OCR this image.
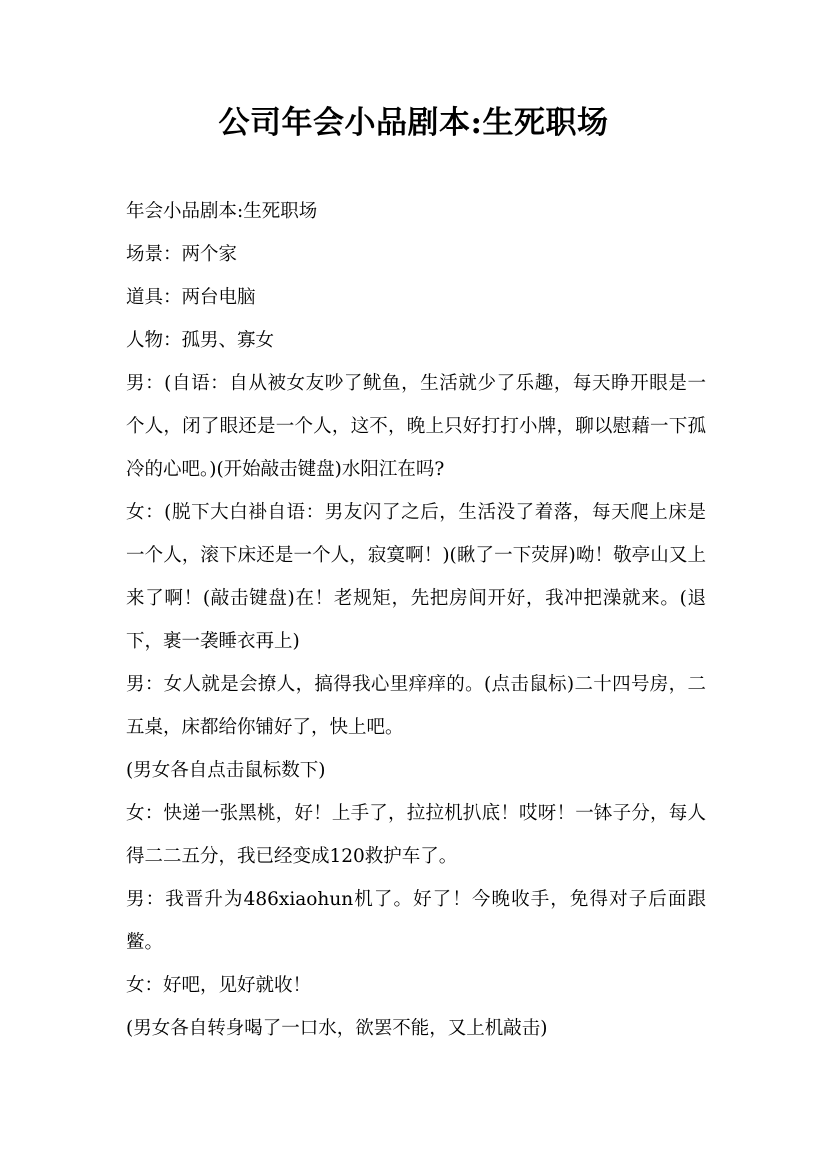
公司年会小品剧本:生死职场

年会小品剧本:生死职场

场景：两个家

道具：两台电脑

人物：孤男、寡女

男：(自语：自从被女友吵了鱿鱼，生活就少了乐趣，每天睁开眼是一个人，闭了眼还是一个人，这不，晚上只好打打小牌，聊以慰藉一下孤冷的心吧。)(开始敲击键盘)水阳江在吗?

女：(脱下大白褂自语：男友闪了之后，生活没了着落，每天爬上床是一个人，滚下床还是一个人，寂寞啊！)(瞅了一下荧屏)呦！敬亭山又上来了啊！(敲击键盘)在！老规矩，先把房间开好，我冲把澡就来。(退下，裹一袭睡衣再上)

男：女人就是会撩人，搞得我心里痒痒的。(点击鼠标)二十四号房，二五桌，床都给你铺好了，快上吧。

(男女各自点击鼠标数下)

女：快递一张黑桃，好！上手了，拉拉机扒底！哎呀！一钵子分，每人得二二五分，我已经变成120救护车了。

男：我晋升为486xiaohun机了。好了！今晚收手，免得对子后面跟鳖。

女：好吧，见好就收！

(男女各自转身喝了一口水，欲罢不能，又上机敲击)
